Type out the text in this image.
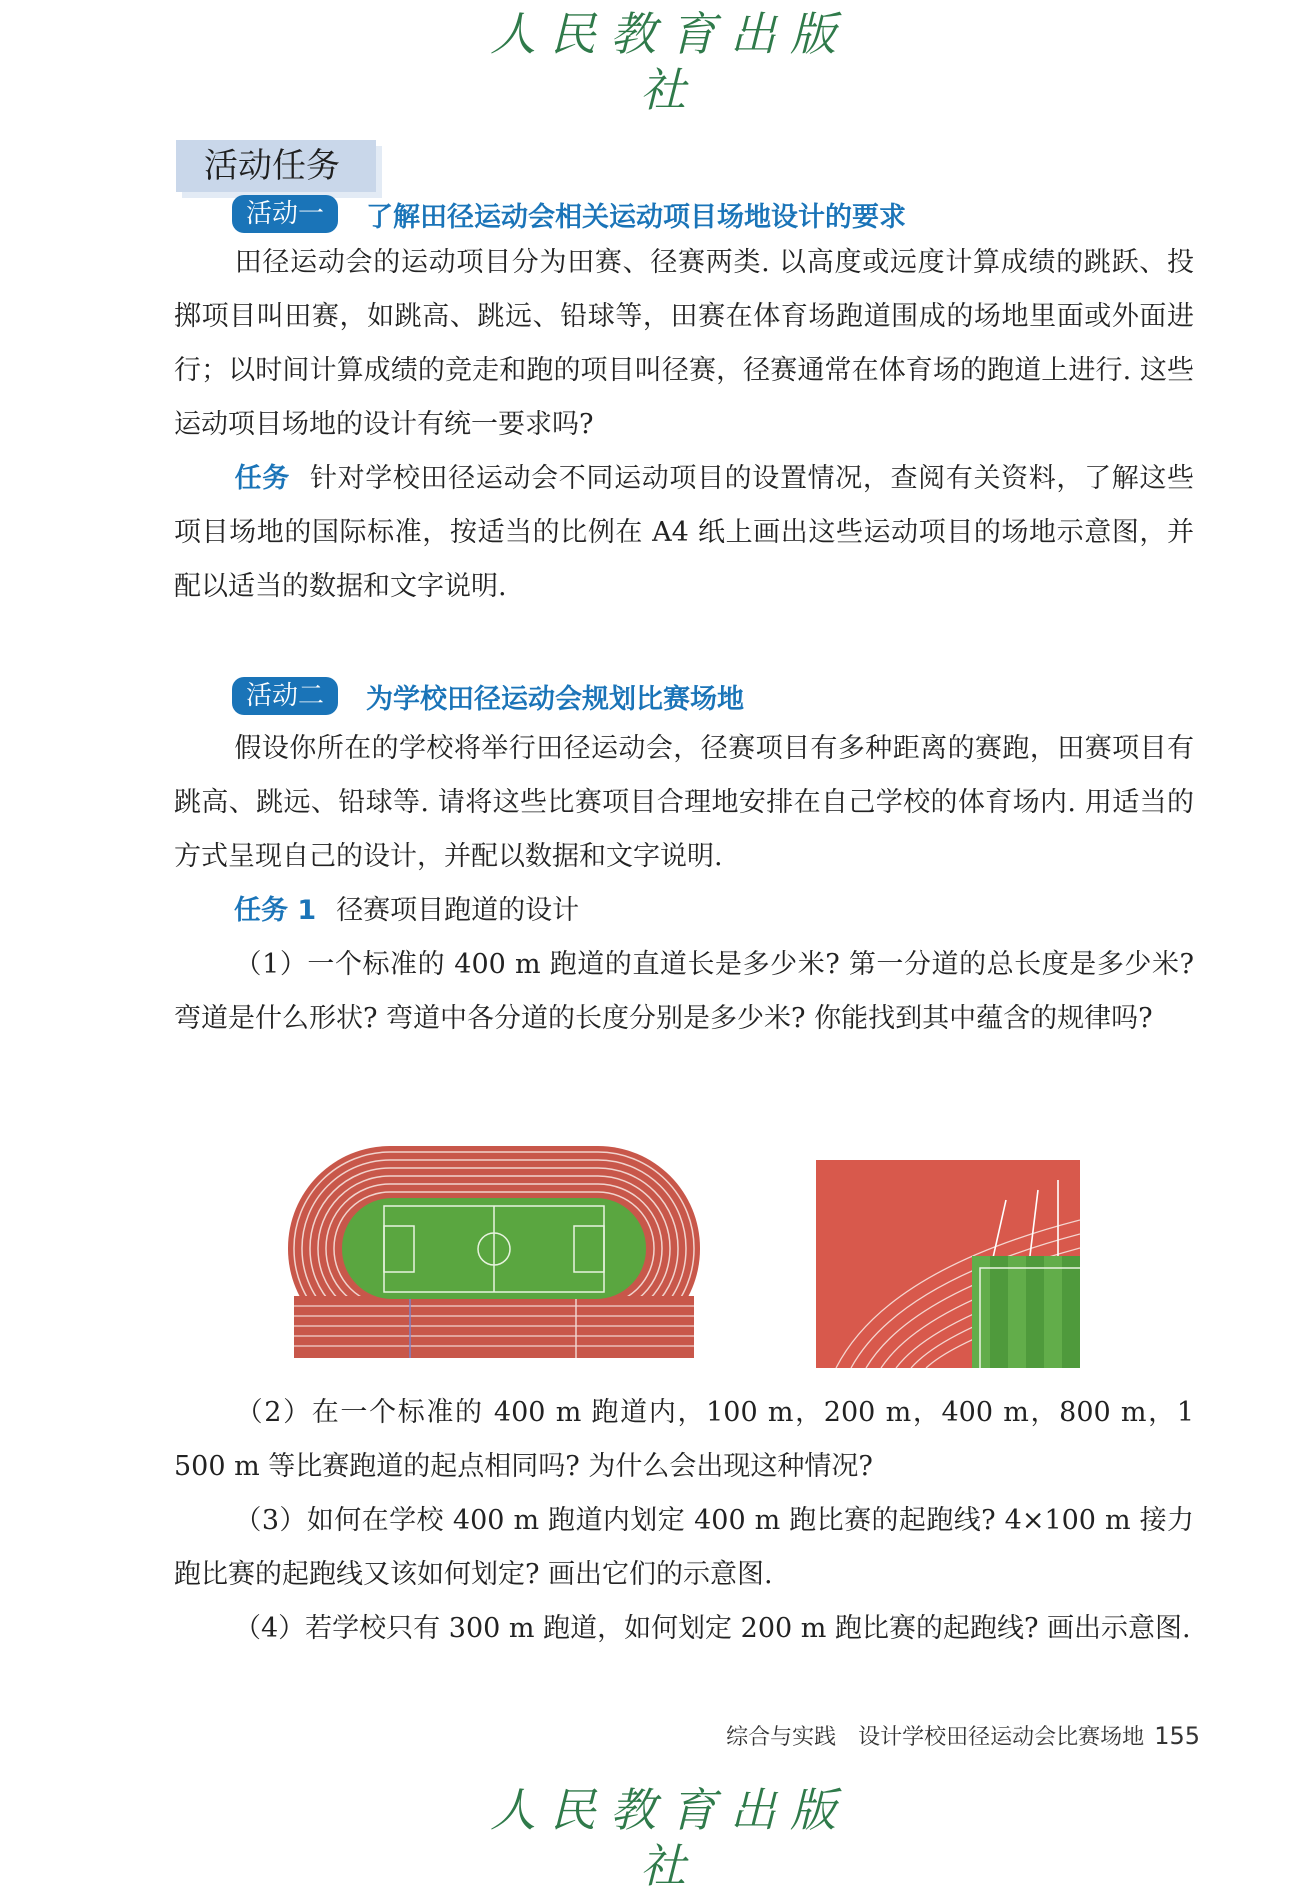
人民教育出版社
活动任务
活动一	了解田径运动会相关运动项目场地设计的要求
田径运动会的运动项目分为田赛、径赛两类. 以高度或远度计算成绩的跳跃、投掷项目叫田赛，如跳高、跳远、铅球等，田赛在体育场跑道围成的场地里面或外面进行；以时间计算成绩的竞走和跑的项目叫径赛，径赛通常在体育场的跑道上进行. 这些运动项目场地的设计有统一要求吗?
任务 针对学校田径运动会不同运动项目的设置情况，查阅有关资料，了解这些项目场地的国际标准，按适当的比例在 A4 纸上画出这些运动项目的场地示意图，并配以适当的数据和文字说明.
活动二	为学校田径运动会规划比赛场地
假设你所在的学校将举行田径运动会，径赛项目有多种距离的赛跑，田赛项目有跳高、跳远、铅球等. 请将这些比赛项目合理地安排在自己学校的体育场内. 用适当的方式呈现自己的设计，并配以数据和文字说明.
任务 1 径赛项目跑道的设计
（1）一个标准的 400 m 跑道的直道长是多少米? 第一分道的总长度是多少米? 弯道是什么形状? 弯道中各分道的长度分别是多少米? 你能找到其中蕴含的规律吗?
（2）在一个标准的 400 m 跑道内，100 m，200 m，400 m，800 m，1 500 m 等比赛跑道的起点相同吗? 为什么会出现这种情况?
（3）如何在学校 400 m 跑道内划定 400 m 跑比赛的起跑线? 4×100 m 接力跑比赛的起跑线又该如何划定? 画出它们的示意图.
（4）若学校只有 300 m 跑道，如何划定 200 m 跑比赛的起跑线? 画出示意图.
综合与实践　设计学校田径运动会比赛场地 155
人民教育出版社
